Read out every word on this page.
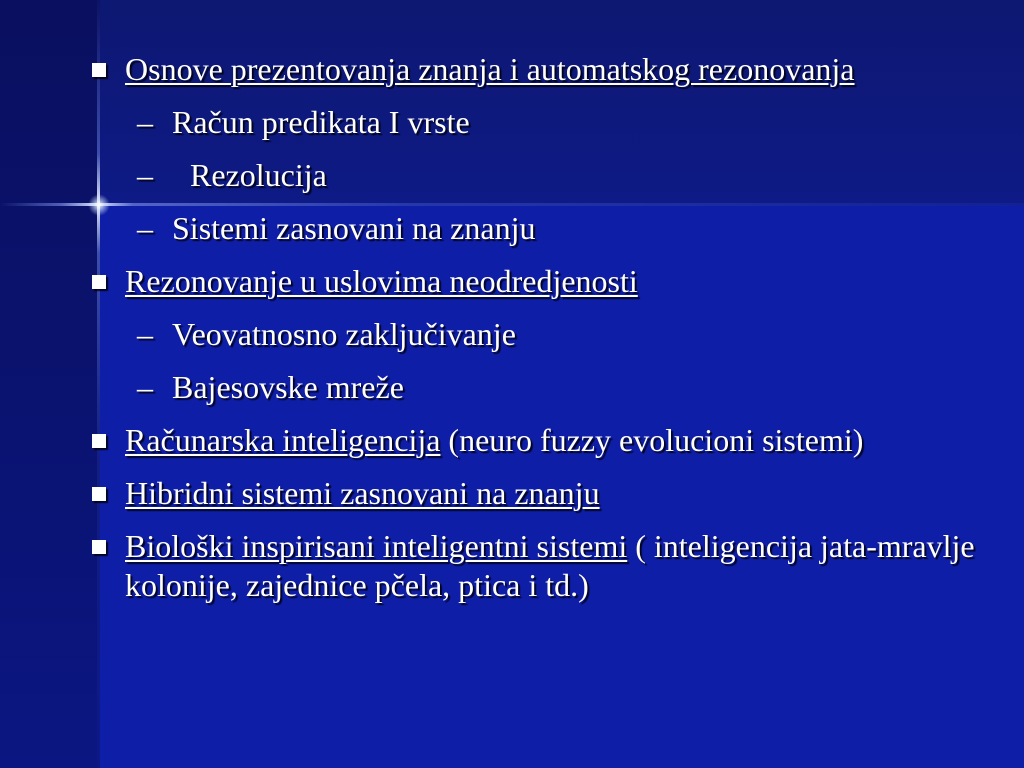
Osnove prezentovanja znanja i automatskog rezonovanja
– Račun predikata I vrste
– Rezolucija
– Sistemi zasnovani na znanju
Rezonovanje u uslovima neodredjenosti
– Veovatnosno zaključivanje
– Bajesovske mreže
Računarska inteligencija (neuro fuzzy evolucioni sistemi)
Hibridni sistemi zasnovani na znanju
Biološki inspirisani inteligentni sistemi ( inteligencija jata-mravlje kolonije, zajednice pčela, ptica i td.)
